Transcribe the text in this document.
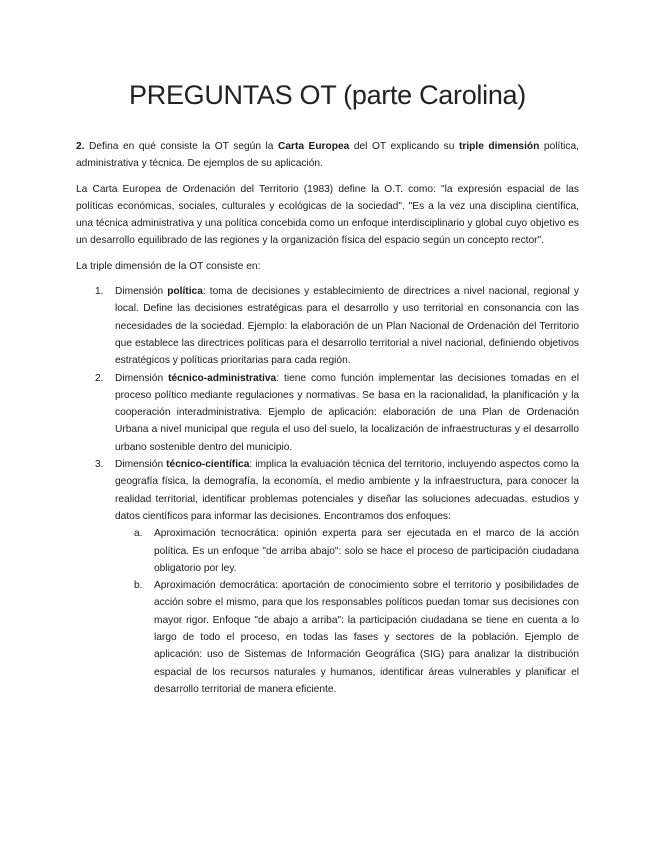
PREGUNTAS OT (parte Carolina)

2. Defina en qué consiste la OT según la Carta Europea del OT explicando su triple dimensión política, administrativa y técnica. De ejemplos de su aplicación.

La Carta Europea de Ordenación del Territorio (1983) define la O.T. como: "la expresión espacial de las políticas económicas, sociales, culturales y ecológicas de la sociedad". "Es a la vez una disciplina científica, una técnica administrativa y una política concebida como un enfoque interdisciplinario y global cuyo objetivo es un desarrollo equilibrado de las regiones y la organización física del espacio según un concepto rector".

La triple dimensión de la OT consiste en:

1. Dimensión política: toma de decisiones y establecimiento de directrices a nivel nacional, regional y local. Define las decisiones estratégicas para el desarrollo y uso territorial en consonancia con las necesidades de la sociedad. Ejemplo: la elaboración de un Plan Nacional de Ordenación del Territorio que establece las directrices políticas para el desarrollo territorial a nivel nacional, definiendo objetivos estratégicos y políticas prioritarias para cada región.
2. Dimensión técnico-administrativa: tiene como función implementar las decisiones tomadas en el proceso político mediante regulaciones y normativas. Se basa en la racionalidad, la planificación y la cooperación interadministrativa. Ejemplo de aplicación: elaboración de una Plan de Ordenación Urbana a nivel municipal que regula el uso del suelo, la localización de infraestructuras y el desarrollo urbano sostenible dentro del municipio.
3. Dimensión técnico-científica: implica la evaluación técnica del territorio, incluyendo aspectos como la geografía física, la demografía, la economía, el medio ambiente y la infraestructura, para conocer la realidad territorial, identificar problemas potenciales y diseñar las soluciones adecuadas. estudios y datos científicos para informar las decisiones. Encontramos dos enfoques:
a. Aproximación tecnocrática: opinión experta para ser ejecutada en el marco de la acción política. Es un enfoque "de arriba abajo": solo se hace el proceso de participación ciudadana obligatorio por ley.
b. Aproximación democrática: aportación de conocimiento sobre el territorio y posibilidades de acción sobre el mismo, para que los responsables políticos puedan tomar sus decisiones con mayor rigor. Enfoque "de abajo a arriba": la participación ciudadana se tiene en cuenta a lo largo de todo el proceso, en todas las fases y sectores de la población. Ejemplo de aplicación: uso de Sistemas de Información Geográfica (SIG) para analizar la distribución espacial de los recursos naturales y humanos, identificar áreas vulnerables y planificar el desarrollo territorial de manera eficiente.
